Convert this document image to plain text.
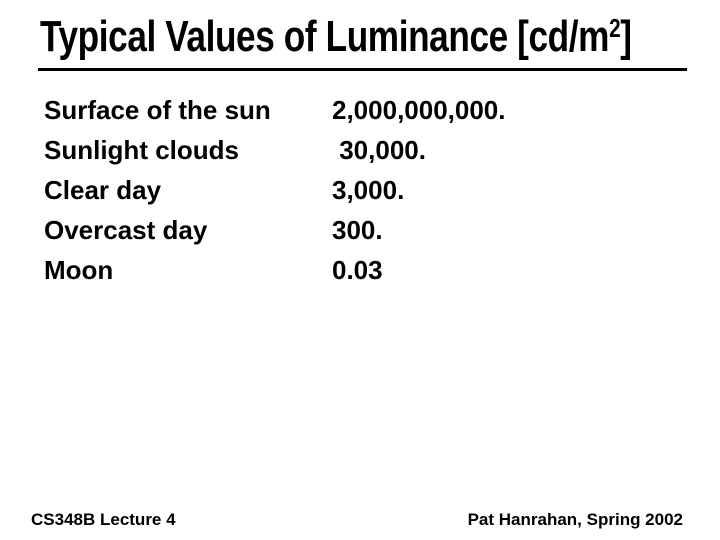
Typical Values of Luminance $[cd/m^2]$
Surface of the sun	2,000,000,000.
Sunlight clouds	30,000.
Clear day	3,000.
Overcast day	300.
Moon	0.03
CS348B Lecture 4	Pat Hanrahan, Spring 2002
